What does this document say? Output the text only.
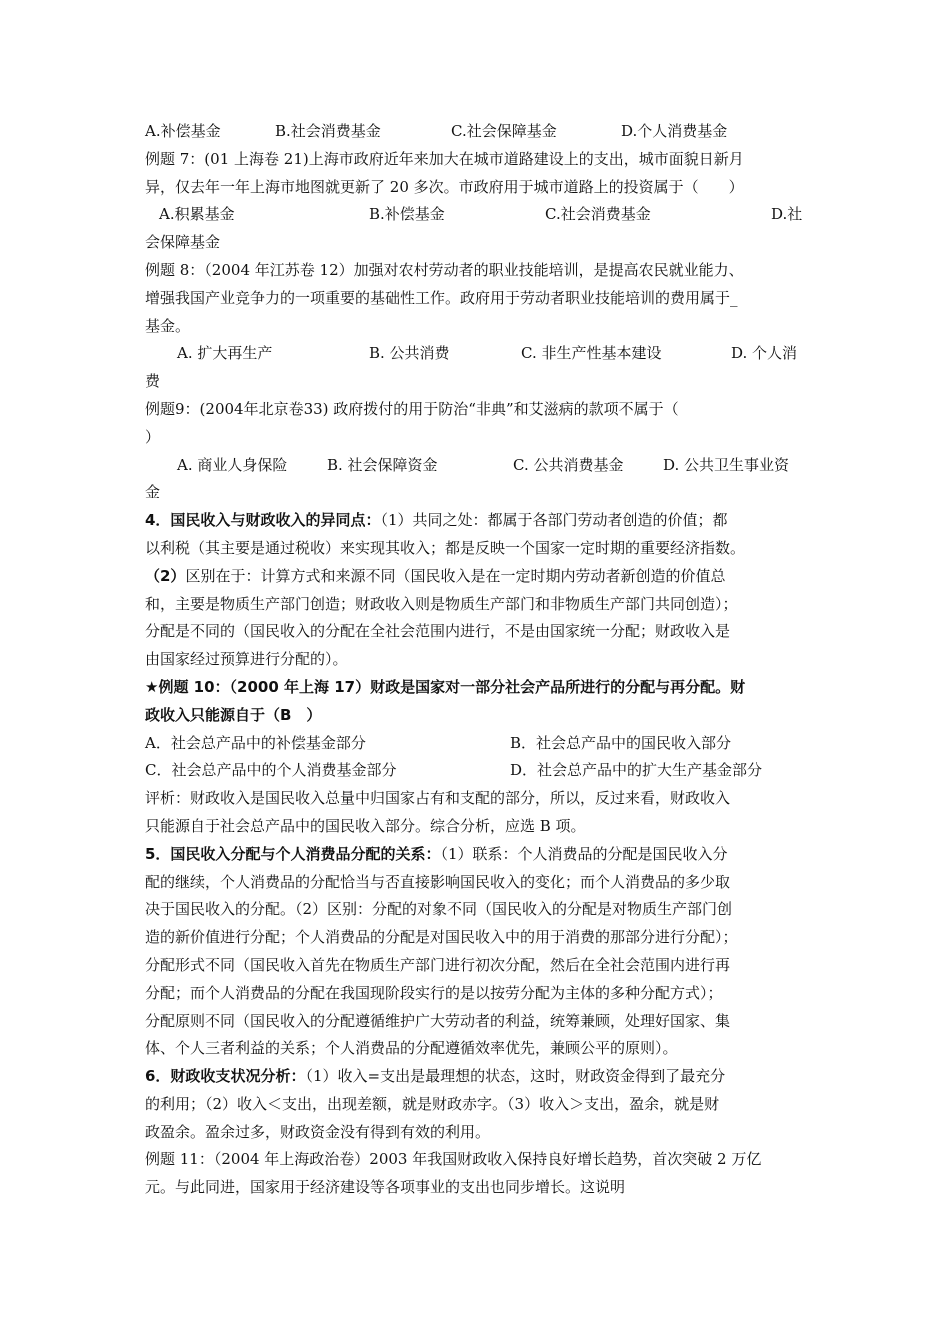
A.补偿基金	B.社会消费基金	C.社会保障基金	D.个人消费基金
例题 7：(01 上海卷 21)上海市政府近年来加大在城市道路建设上的支出，城市面貌日新月
异，仅去年一年上海市地图就更新了 20 多次。市政府用于城市道路上的投资属于（　　）
A.积累基金	B.补偿基金	C.社会消费基金	D.社
会保障基金
例题 8：（2004 年江苏卷 12）加强对农村劳动者的职业技能培训，是提高农民就业能力、
增强我国产业竞争力的一项重要的基础性工作。政府用于劳动者职业技能培训的费用属于_
基金。
A. 扩大再生产	B. 公共消费	C. 非生产性基本建设	D. 个人消
费
例题9：(2004年北京卷33) 政府拨付的用于防治“非典”和艾滋病的款项不属于（
）
A. 商业人身保险	B. 社会保障资金	C. 公共消费基金	D. 公共卫生事业资
金
4．国民收入与财政收入的异同点：（1）共同之处：都属于各部门劳动者创造的价值；都
以利税（其主要是通过税收）来实现其收入；都是反映一个国家一定时期的重要经济指数。
（2）区别在于：计算方式和来源不同（国民收入是在一定时期内劳动者新创造的价值总
和，主要是物质生产部门创造；财政收入则是物质生产部门和非物质生产部门共同创造）；
分配是不同的（国民收入的分配在全社会范围内进行，不是由国家统一分配；财政收入是
由国家经过预算进行分配的）。
★例题 10：（2000 年上海 17）财政是国家对一部分社会产品所进行的分配与再分配。财
政收入只能源自于（B　）
A．社会总产品中的补偿基金部分	B．社会总产品中的国民收入部分
C．社会总产品中的个人消费基金部分	D．社会总产品中的扩大生产基金部分
评析：财政收入是国民收入总量中归国家占有和支配的部分，所以，反过来看，财政收入
只能源自于社会总产品中的国民收入部分。综合分析，应选 B 项。
5．国民收入分配与个人消费品分配的关系：（1）联系：个人消费品的分配是国民收入分
配的继续，个人消费品的分配恰当与否直接影响国民收入的变化；而个人消费品的多少取
决于国民收入的分配。（2）区别：分配的对象不同（国民收入的分配是对物质生产部门创
造的新价值进行分配；个人消费品的分配是对国民收入中的用于消费的那部分进行分配）；
分配形式不同（国民收入首先在物质生产部门进行初次分配，然后在全社会范围内进行再
分配；而个人消费品的分配在我国现阶段实行的是以按劳分配为主体的多种分配方式）；
分配原则不同（国民收入的分配遵循维护广大劳动者的利益，统筹兼顾，处理好国家、集
体、个人三者利益的关系；个人消费品的分配遵循效率优先，兼顾公平的原则）。
6．财政收支状况分析：（1）收入=支出是最理想的状态，这时，财政资金得到了最充分
的利用；（2）收入＜支出，出现差额，就是财政赤字。（3）收入＞支出，盈余，就是财
政盈余。盈余过多，财政资金没有得到有效的利用。
例题 11：（2004 年上海政治卷）2003 年我国财政收入保持良好增长趋势，首次突破 2 万亿
元。与此同进，国家用于经济建设等各项事业的支出也同步增长。这说明
